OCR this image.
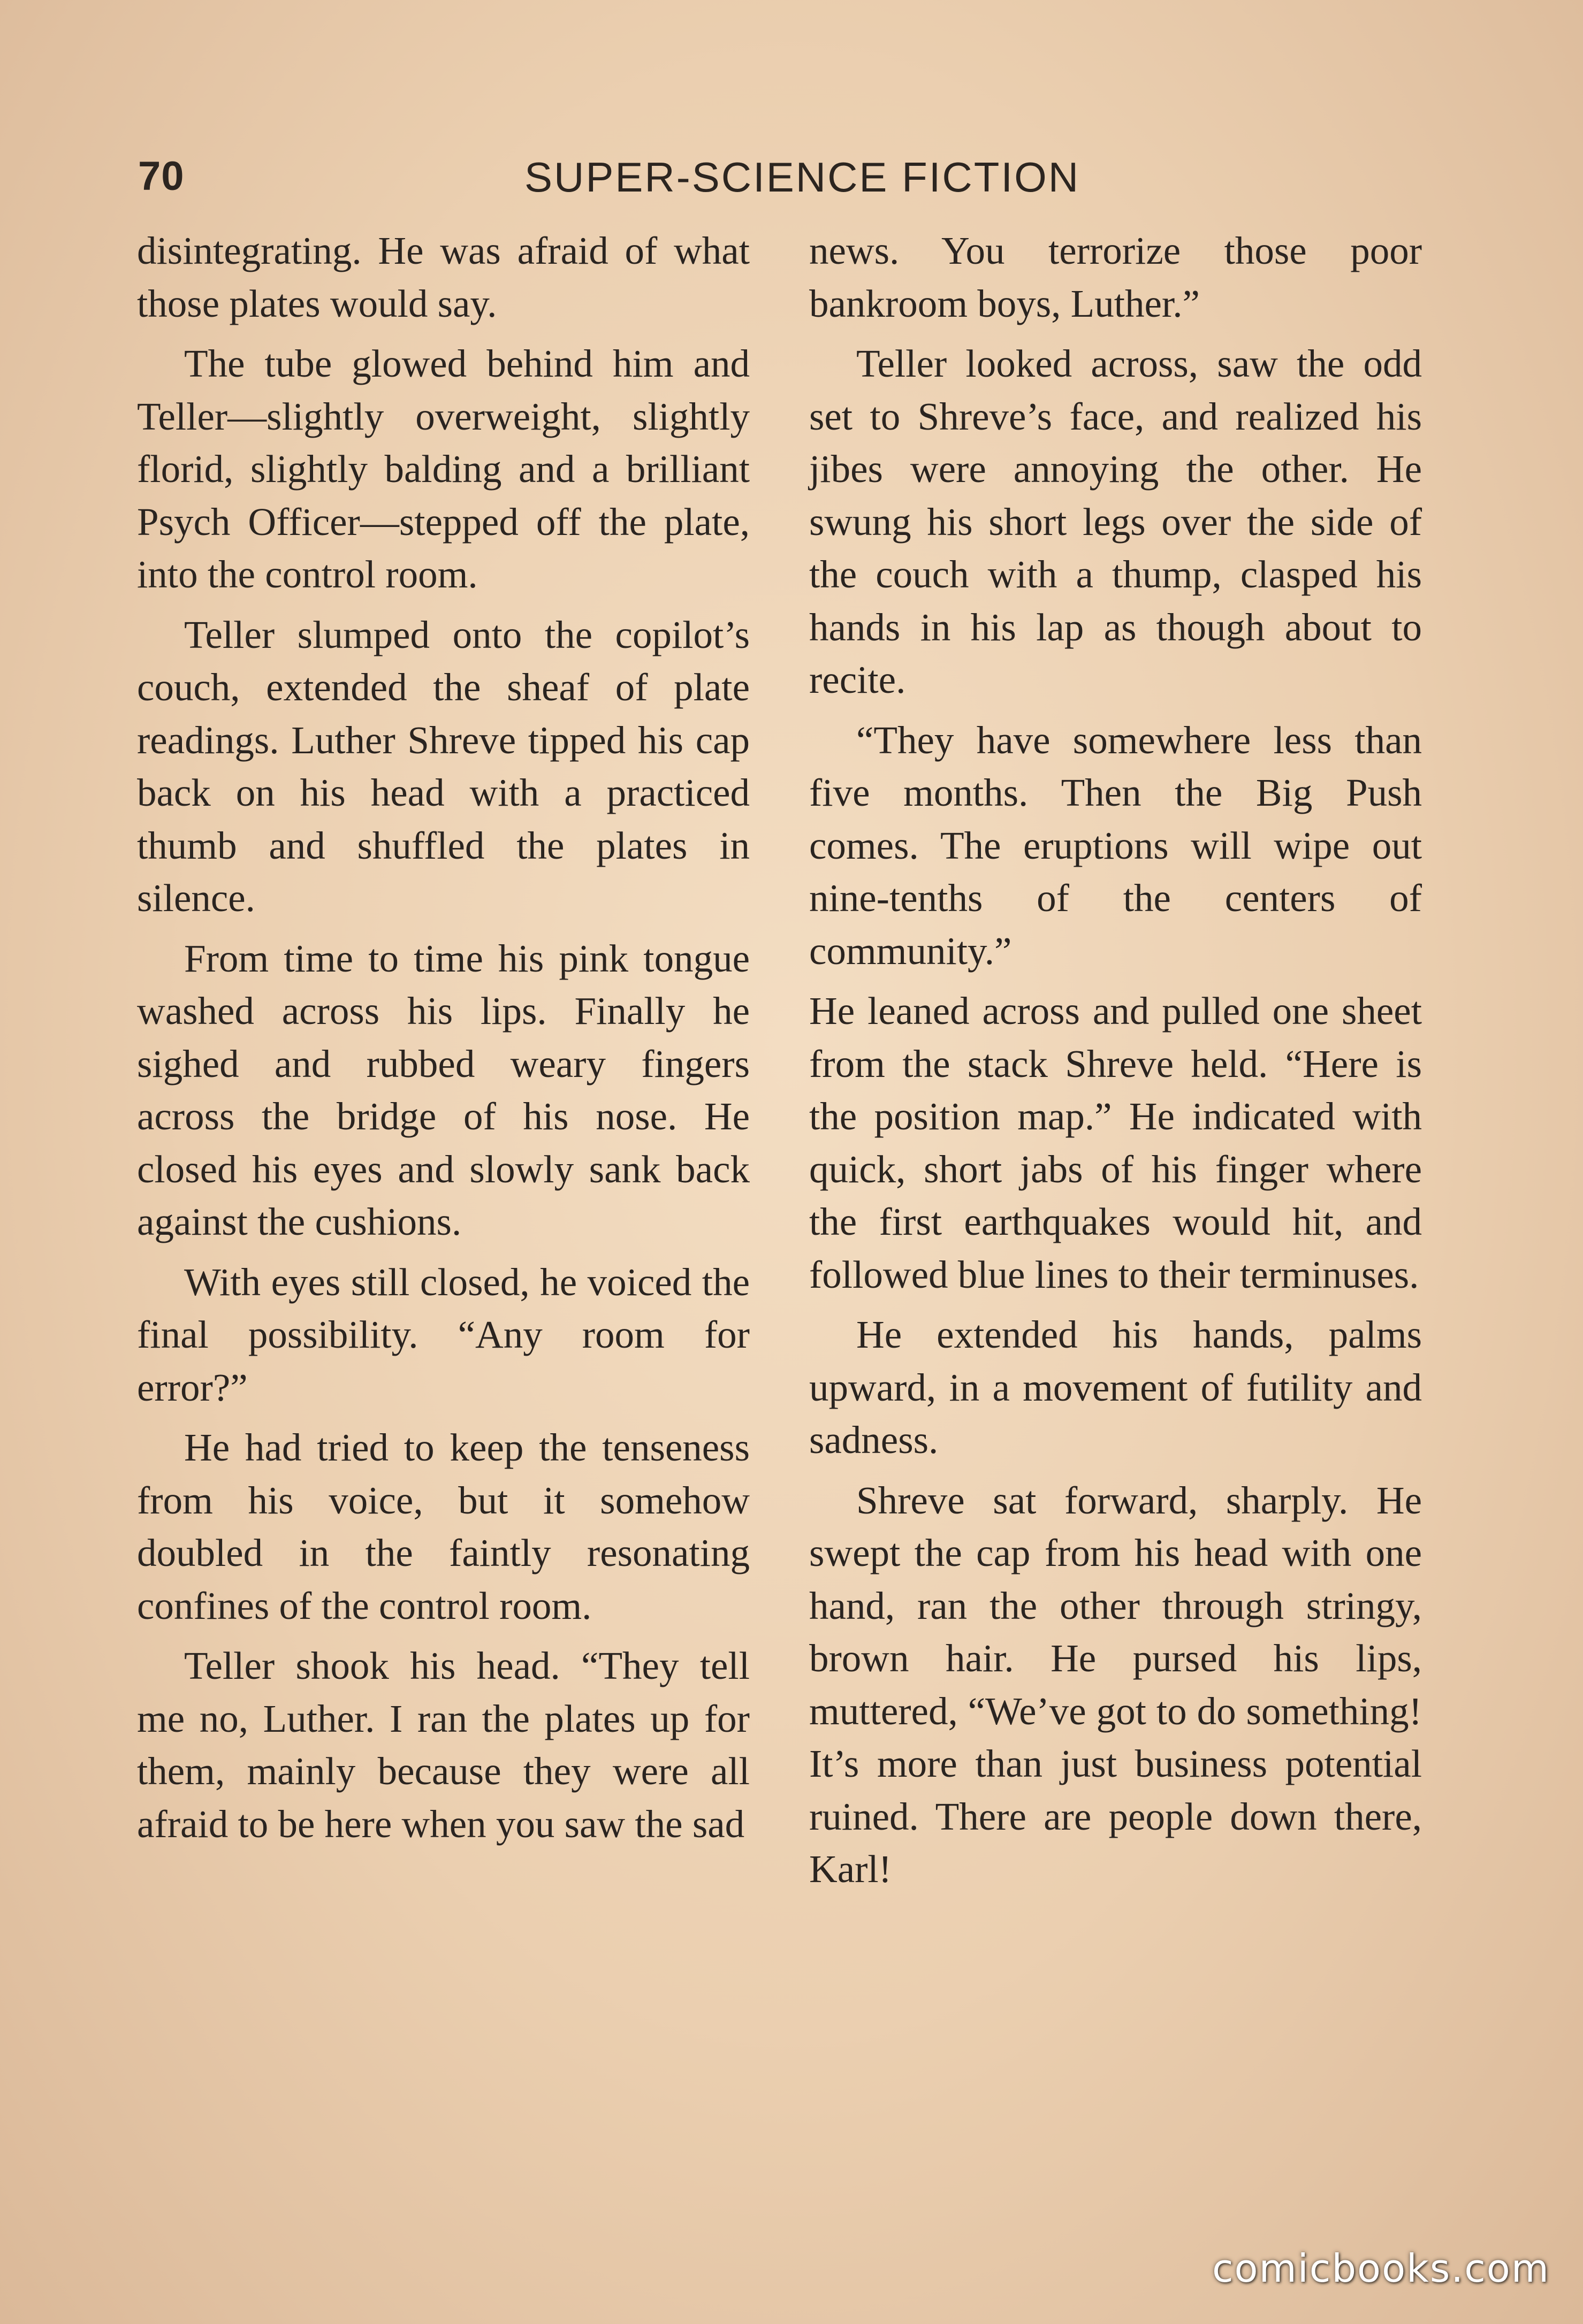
70	SUPER-SCIENCE FICTION

disintegrating. He was afraid of what those plates would say.

The tube glowed behind him and Teller—slightly overweight, slightly florid, slightly balding and a brilliant Psych Officer—stepped off the plate, into the control room.

Teller slumped onto the copilot’s couch, extended the sheaf of plate readings. Luther Shreve tipped his cap back on his head with a practiced thumb and shuffled the plates in silence.

From time to time his pink tongue washed across his lips. Finally he sighed and rubbed weary fingers across the bridge of his nose. He closed his eyes and slowly sank back against the cushions.

With eyes still closed, he voiced the final possibility. “Any room for error?”

He had tried to keep the tenseness from his voice, but it somehow doubled in the faintly resonating confines of the control room.

Teller shook his head. “They tell me no, Luther. I ran the plates up for them, mainly because they were all afraid to be here when you saw the sad

news. You terrorize those poor bankroom boys, Luther.”

Teller looked across, saw the odd set to Shreve’s face, and realized his jibes were annoying the other. He swung his short legs over the side of the couch with a thump, clasped his hands in his lap as though about to recite.

“They have somewhere less than five months. Then the Big Push comes. The eruptions will wipe out nine-tenths of the centers of community.”

He leaned across and pulled one sheet from the stack Shreve held. “Here is the position map.” He indicated with quick, short jabs of his finger where the first earthquakes would hit, and followed blue lines to their terminuses.

He extended his hands, palms upward, in a movement of futility and sadness.

Shreve sat forward, sharply. He swept the cap from his head with one hand, ran the other through stringy, brown hair. He pursed his lips, muttered, “We’ve got to do something! It’s more than just business potential ruined. There are people down there, Karl!

comicbooks.com
